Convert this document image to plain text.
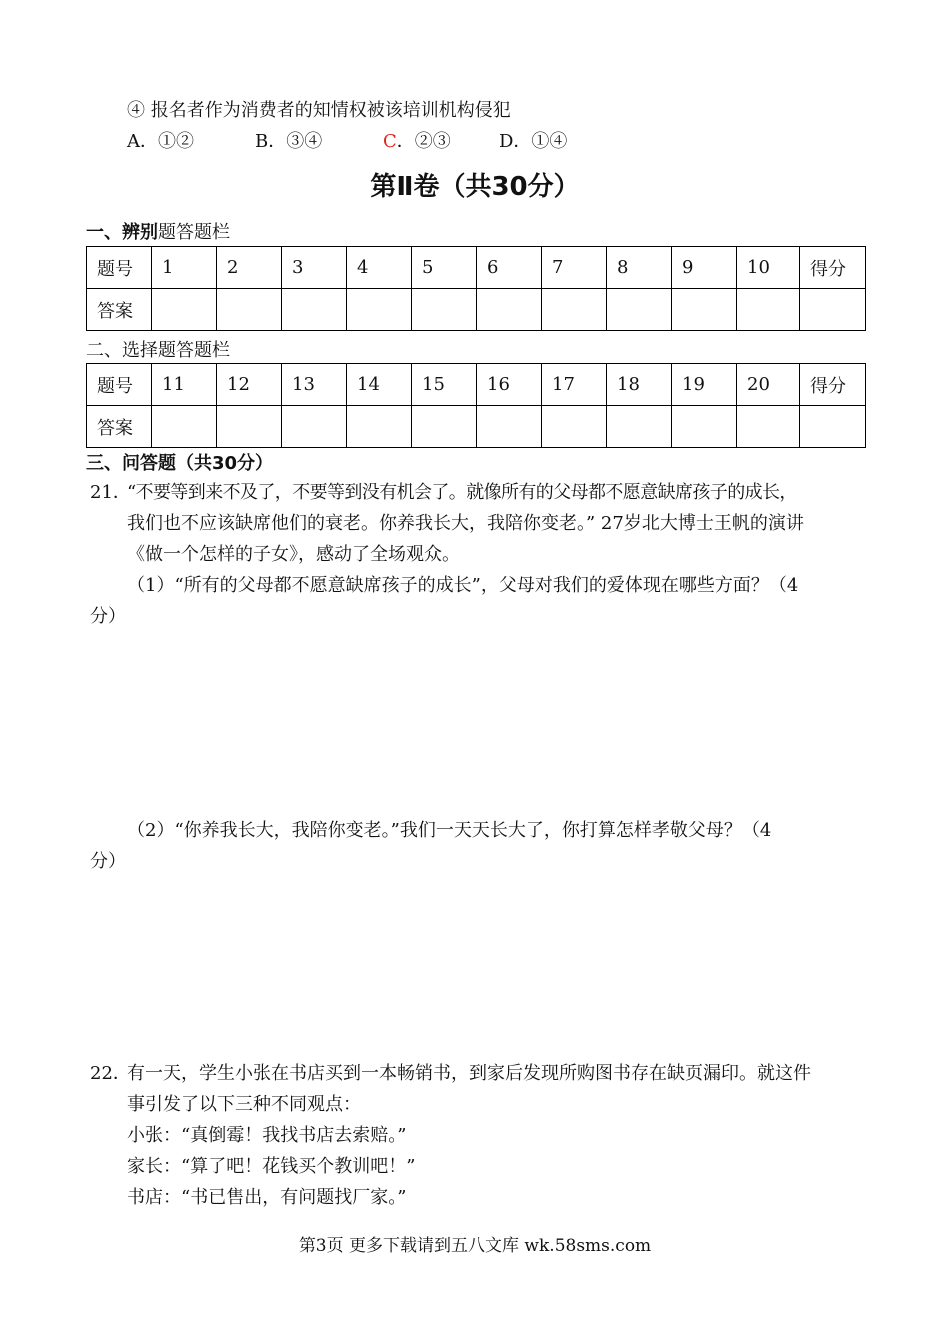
④ 报名者作为消费者的知情权被该培训机构侵犯
A．①②	B．③④	C．②③	D．①④
第Ⅱ卷（共30分）
一、辨别题答题栏
题号	1	2	3	4	5	6	7	8	9	10	得分
答案											
二、选择题答题栏
题号	11	12	13	14	15	16	17	18	19	20	得分
答案											
三、问答题（共30分）
21．
“不要等到来不及了，不要等到没有机会了。就像所有的父母都不愿意缺席孩子的成长，
我们也不应该缺席他们的衰老。你养我长大，我陪你变老。” 27岁北大博士王帆的演讲
《做一个怎样的子女》，感动了全场观众。
（1）“所有的父母都不愿意缺席孩子的成长”，父母对我们的爱体现在哪些方面？（4
分）
（2）“你养我长大，我陪你变老。”我们一天天长大了，你打算怎样孝敬父母？（4
分）
22．
有一天，学生小张在书店买到一本畅销书，到家后发现所购图书存在缺页漏印。就这件
事引发了以下三种不同观点：
小张：“真倒霉！我找书店去索赔。”
家长：“算了吧！花钱买个教训吧！”
书店：“书已售出，有问题找厂家。”
第3页 更多下载请到五八文库 wk.58sms.com
